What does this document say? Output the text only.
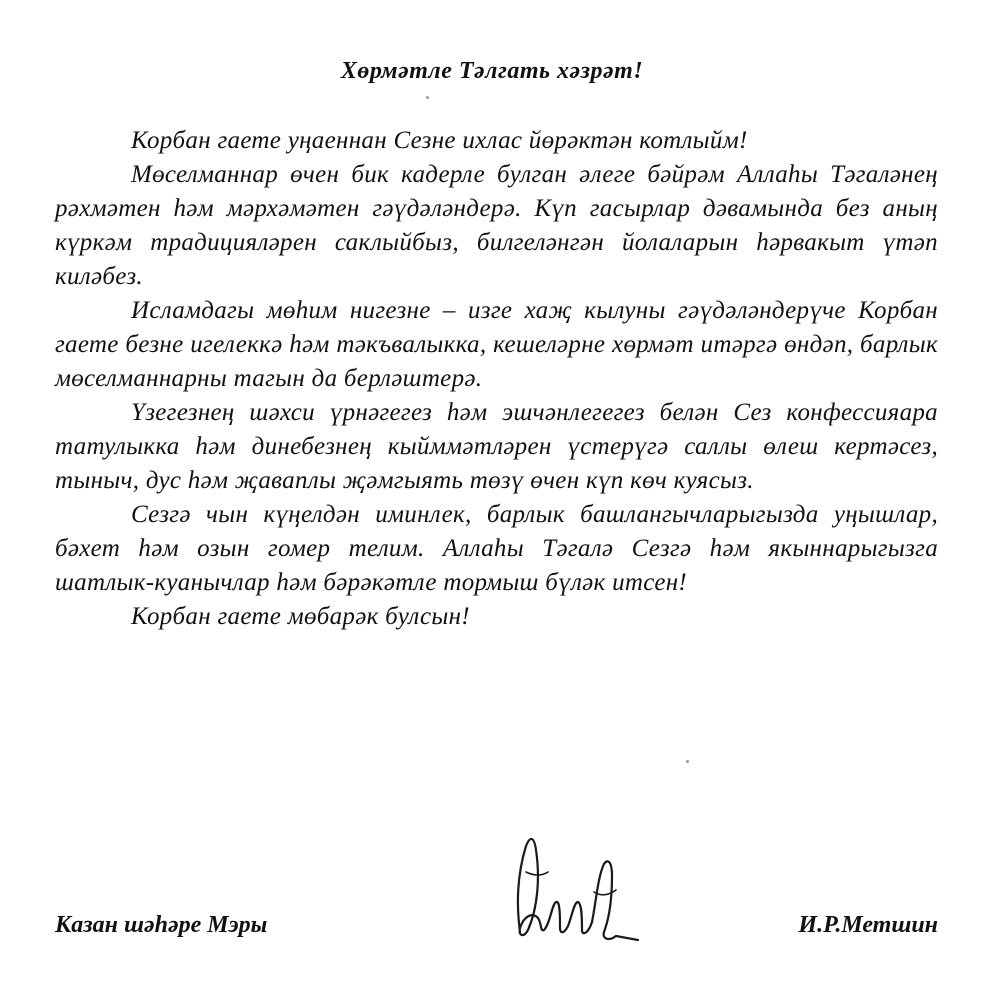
Хөрмәтле Тәлгать хәзрәт!

Корбан гаете уңаеннан Сезне ихлас йөрәктән котлыйм!

Мөселманнар өчен бик кадерле булган әлеге бәйрәм Аллаһы Тәгаләнең рәхмәтен һәм мәрхәмәтен гәүдәләндерә. Күп гасырлар дәвамында без аның күркәм традицияләрен саклыйбыз, билгеләнгән йолаларын һәрвакыт үтәп килəбез.

Исламдагы мөһим нигезне – изге хаҗ кылуны гәүдәләндерүче Корбан гаете безне игелеккә һәм тәкъвалыкка, кешеләрне хөрмәт итәргә өндәп, барлык мөселманнарны тагын да берләштерә.

Үзегезнең шәхси үрнәгегез һәм эшчәнлегегез белән Сез конфессияара татулыкка һәм динебезнең кыйммәтләрен үстерүгә саллы өлеш кертәсез, тыныч, дус һәм җаваплы җәмгыять төзү өчен күп көч куясыз.

Сезгә чын күңелдән иминлек, барлык башлангычларыгызда уңышлар, бәхет һәм озын гомер телим. Аллаһы Тәгалә Сезгә һәм якыннарыгызга шатлык-куанычлар һәм бәрәкәтле тормыш бүләк итсен!

Корбан гаете мөбарәк булсын!

Казан шәһәре Мэры	И.Р.Метшин
